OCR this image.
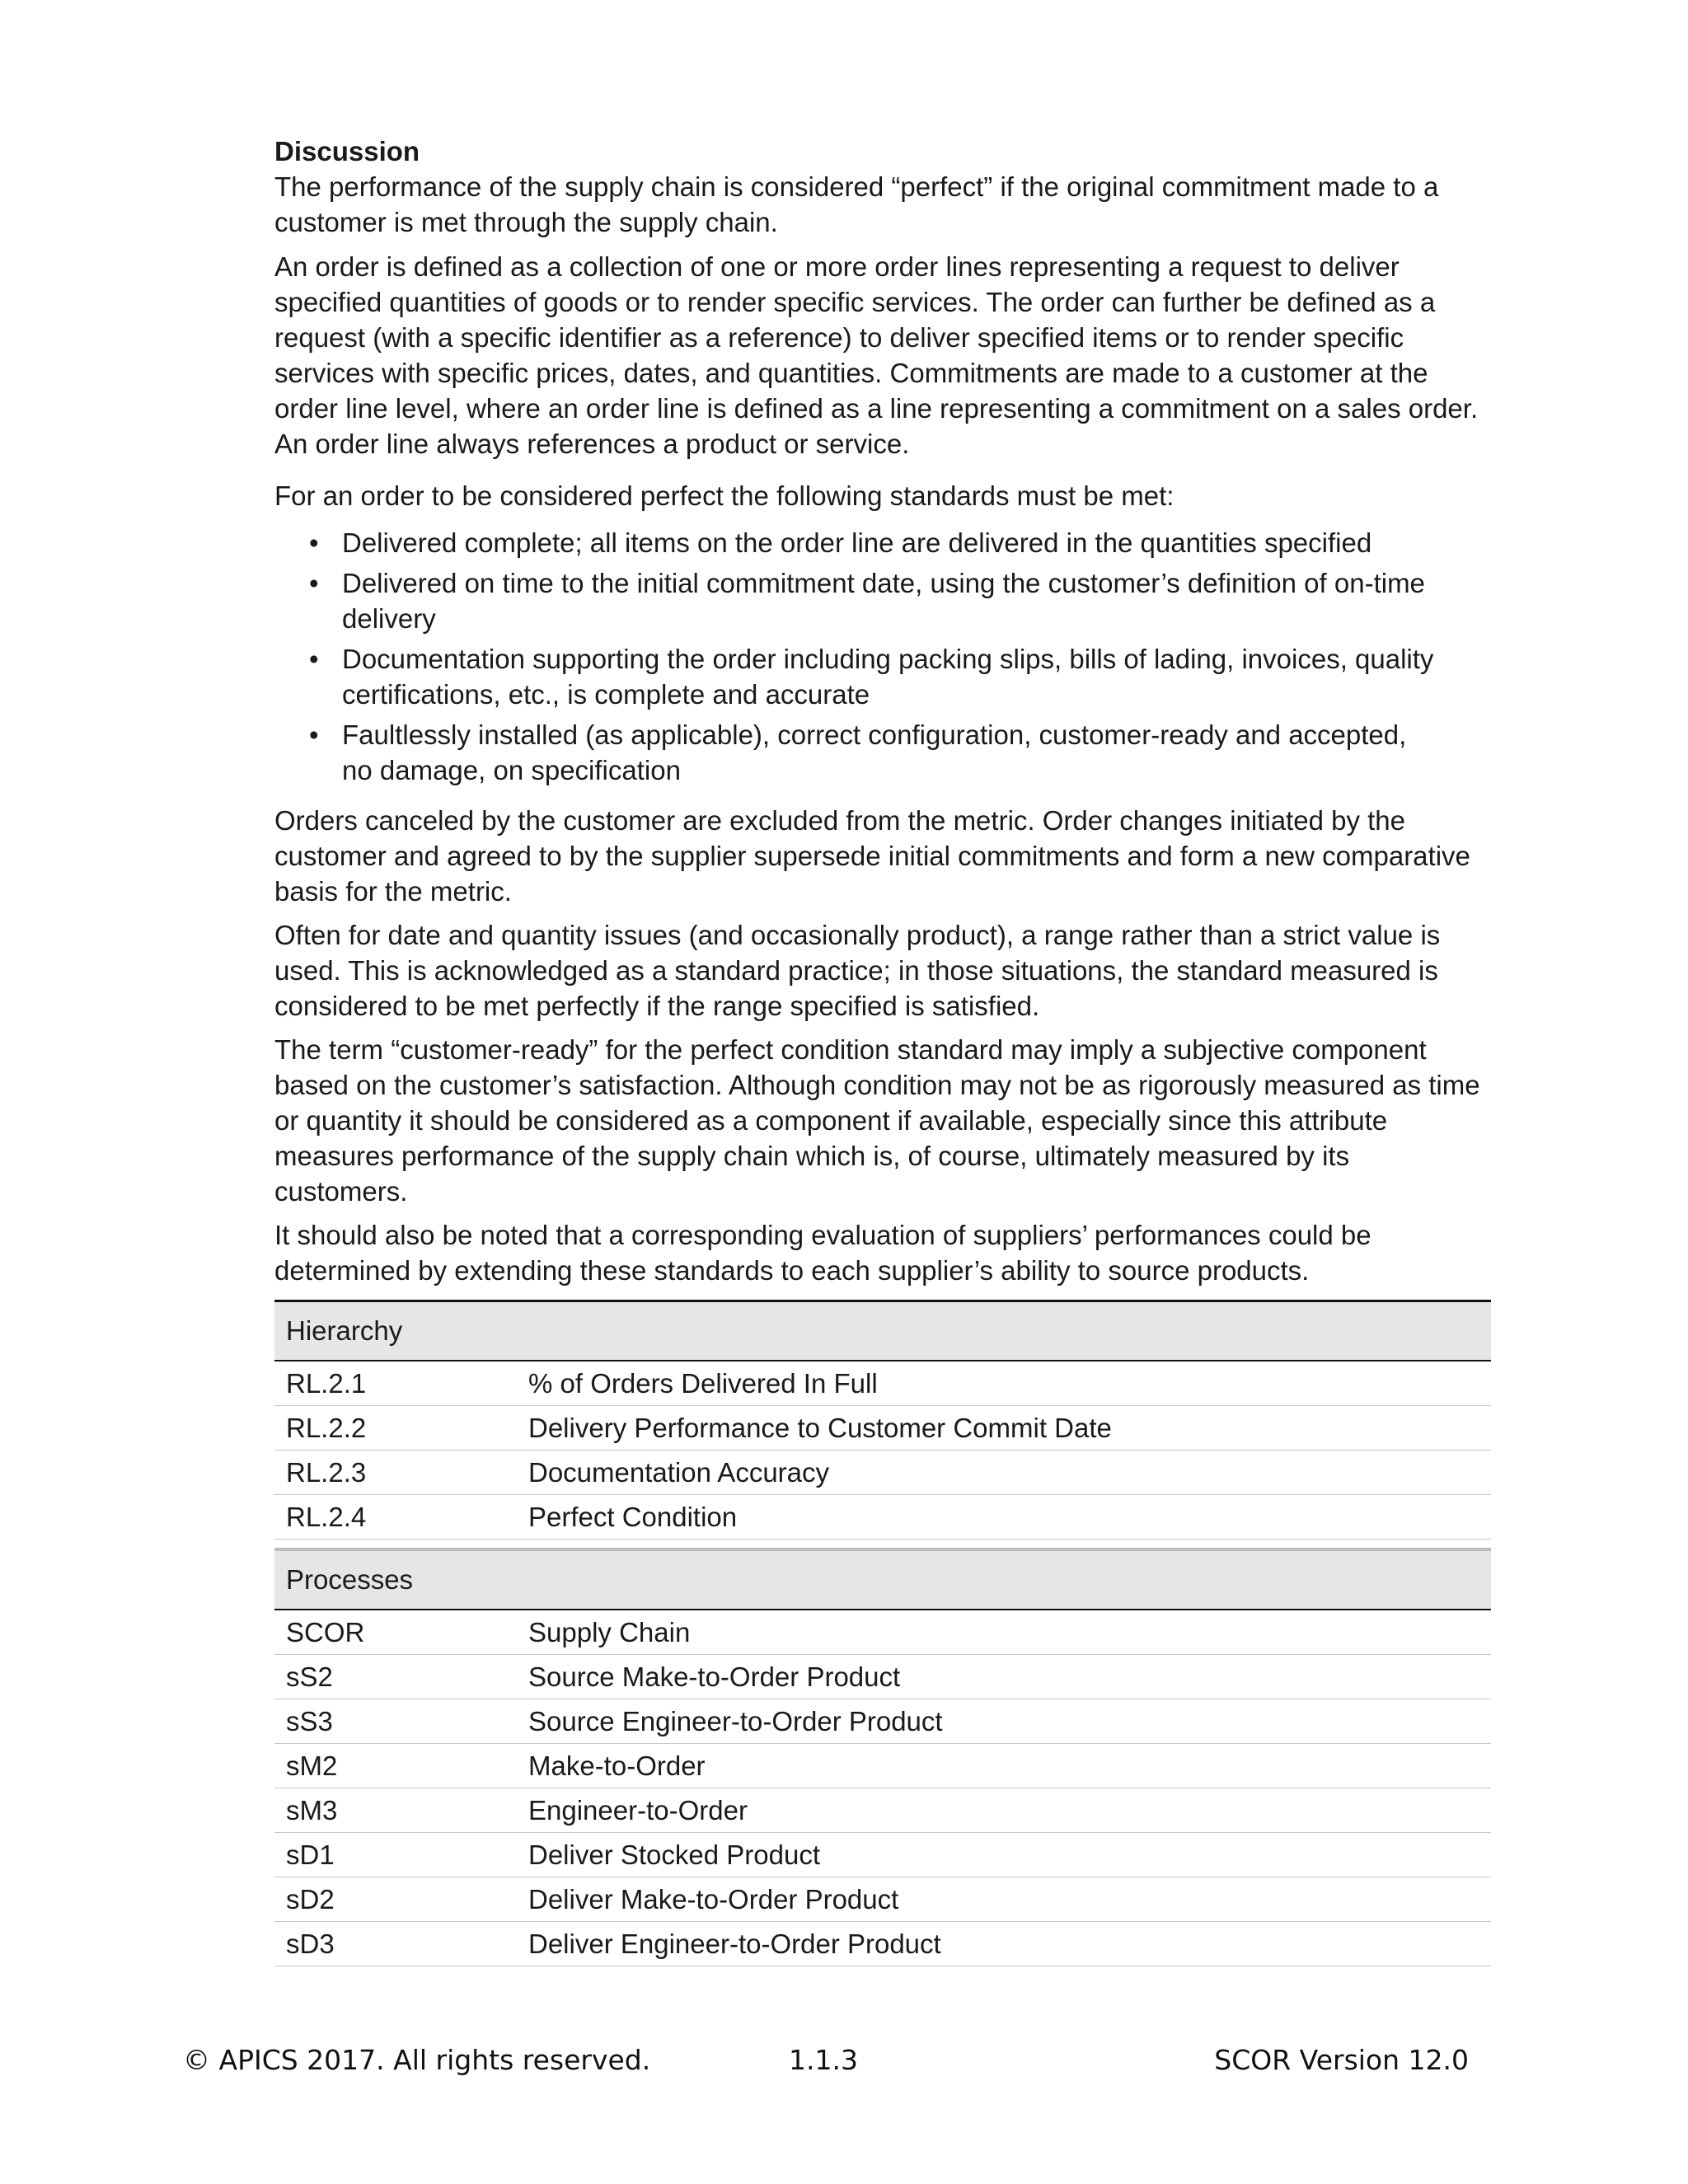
Discussion

The performance of the supply chain is considered “perfect” if the original commitment made to a customer is met through the supply chain.

An order is defined as a collection of one or more order lines representing a request to deliver specified quantities of goods or to render specific services. The order can further be defined as a request (with a specific identifier as a reference) to deliver specified items or to render specific services with specific prices, dates, and quantities. Commitments are made to a customer at the order line level, where an order line is defined as a line representing a commitment on a sales order. An order line always references a product or service.

For an order to be considered perfect the following standards must be met:

• Delivered complete; all items on the order line are delivered in the quantities specified
• Delivered on time to the initial commitment date, using the customer’s definition of on-time delivery
• Documentation supporting the order including packing slips, bills of lading, invoices, quality certifications, etc., is complete and accurate
• Faultlessly installed (as applicable), correct configuration, customer-ready and accepted, no damage, on specification

Orders canceled by the customer are excluded from the metric. Order changes initiated by the customer and agreed to by the supplier supersede initial commitments and form a new comparative basis for the metric.

Often for date and quantity issues (and occasionally product), a range rather than a strict value is used. This is acknowledged as a standard practice; in those situations, the standard measured is considered to be met perfectly if the range specified is satisfied.

The term “customer-ready” for the perfect condition standard may imply a subjective component based on the customer’s satisfaction. Although condition may not be as rigorously measured as time or quantity it should be considered as a component if available, especially since this attribute measures performance of the supply chain which is, of course, ultimately measured by its customers.

It should also be noted that a corresponding evaluation of suppliers’ performances could be determined by extending these standards to each supplier’s ability to source products.

Hierarchy	
RL.2.1	% of Orders Delivered In Full
RL.2.2	Delivery Performance to Customer Commit Date
RL.2.3	Documentation Accuracy
RL.2.4	Perfect Condition

Processes	
SCOR	Supply Chain
sS2	Source Make-to-Order Product
sS3	Source Engineer-to-Order Product
sM2	Make-to-Order
sM3	Engineer-to-Order
sD1	Deliver Stocked Product
sD2	Deliver Make-to-Order Product
sD3	Deliver Engineer-to-Order Product
© APICS 2017. All rights reserved.	1.1.3	SCOR Version 12.0
